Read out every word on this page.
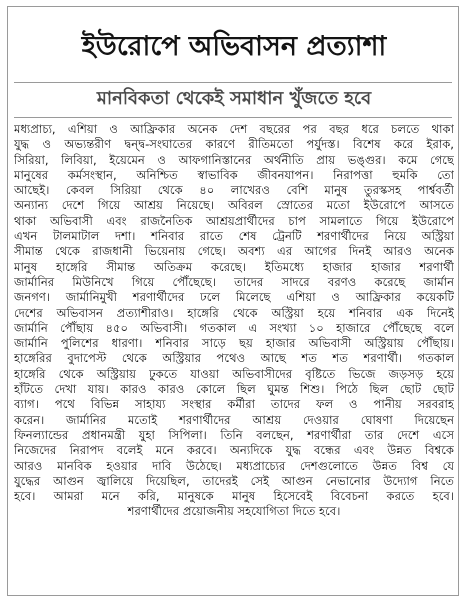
ইউরোপে অভিবাসন প্রত্যাশা
মানবিকতা থেকেই সমাধান খুঁজতে হবে
মধ্যপ্রাচ্য, এশিয়া ও আফ্রিকার অনেক দেশ বছরের পর বছর ধরে চলতে থাকা
যুদ্ধ ও অভ্যন্তরীণ দ্বন্দ্ব-সংঘাতের কারণে রীতিমতো পর্যুদস্ত। বিশেষ করে ইরাক,
সিরিয়া, লিবিয়া, ইয়েমেন ও আফগানিস্তানের অর্থনীতি প্রায় ভঙ্গুর। কমে গেছে
মানুষের কর্মসংস্থান, অনিশ্চিত স্বাভাবিক জীবনযাপন। নিরাপত্তা হুমকি তো
আছেই। কেবল সিরিয়া থেকে ৪০ লাখেরও বেশি মানুষ তুরস্কসহ পার্শ্ববর্তী
অন্যান্য দেশে গিয়ে আশ্রয় নিয়েছে। অবিরল স্রোতের মতো ইউরোপে আসতে
থাকা অভিবাসী এবং রাজনৈতিক আশ্রয়প্রার্থীদের চাপ সামলাতে গিয়ে ইউরোপে
এখন টালমাটাল দশা। শনিবার রাতে শেষ ট্রেনটি শরণার্থীদের নিয়ে অস্ট্রিয়া
সীমান্ত থেকে রাজধানী ভিয়েনায় গেছে। অবশ্য এর আগের দিনই আরও অনেক
মানুষ হাঙ্গেরি সীমান্ত অতিক্রম করেছে। ইতিমধ্যে হাজার হাজার শরণার্থী
জার্মানির মিউনিখে গিয়ে পৌঁছেছে। তাদের সাদরে বরণও করেছে জার্মান
জনগণ। জার্মানিমুখী শরণার্থীদের ঢলে মিলেছে এশিয়া ও আফ্রিকার কয়েকটি
দেশের অভিবাসন প্রত্যাশীরাও। হাঙ্গেরি থেকে অস্ট্রিয়া হয়ে শনিবার এক দিনেই
জার্মানি পৌঁছায় ৪৫০ অভিবাসী। গতকাল এ সংখ্যা ১০ হাজারে পৌঁছেছে বলে
জার্মানি পুলিশের ধারণা। শনিবার সাড়ে ছয় হাজার অভিবাসী অস্ট্রিয়ায় পৌঁছায়।
হাঙ্গেরির বুদাপেস্ট থেকে অস্ট্রিয়ার পথেও আছে শত শত শরণার্থী। গতকাল
হাঙ্গেরি থেকে অস্ট্রিয়ায় ঢুকতে যাওয়া অভিবাসীদের বৃষ্টিতে ভিজে জড়সড় হয়ে
হাঁটতে দেখা যায়। কারও কারও কোলে ছিল ঘুমন্ত শিশু। পিঠে ছিল ছোট ছোট
ব্যাগ। পথে বিভিন্ন সাহায্য সংস্থার কর্মীরা তাদের ফল ও পানীয় সরবরাহ
করেন। জার্মানির মতোই শরণার্থীদের আশ্রয় দেওয়ার ঘোষণা দিয়েছেন
ফিনল্যান্ডের প্রধানমন্ত্রী যুহা সিপিলা। তিনি বলছেন, শরণার্থীরা তার দেশে এসে
নিজেদের নিরাপদ বলেই মনে করবে। অন্যদিকে যুদ্ধ বন্ধের এবং উন্নত বিশ্বকে
আরও মানবিক হওয়ার দাবি উঠেছে। মধ্যপ্রাচ্যের দেশগুলোতে উন্নত বিশ্ব যে
যুদ্ধের আগুন জ্বালিয়ে দিয়েছিল, তাদেরই সেই আগুন নেভানোর উদ্যোগ নিতে
হবে। আমরা মনে করি, মানুষকে মানুষ হিসেবেই বিবেচনা করতে হবে।
শরণার্থীদের প্রয়োজনীয় সহযোগিতা দিতে হবে।
